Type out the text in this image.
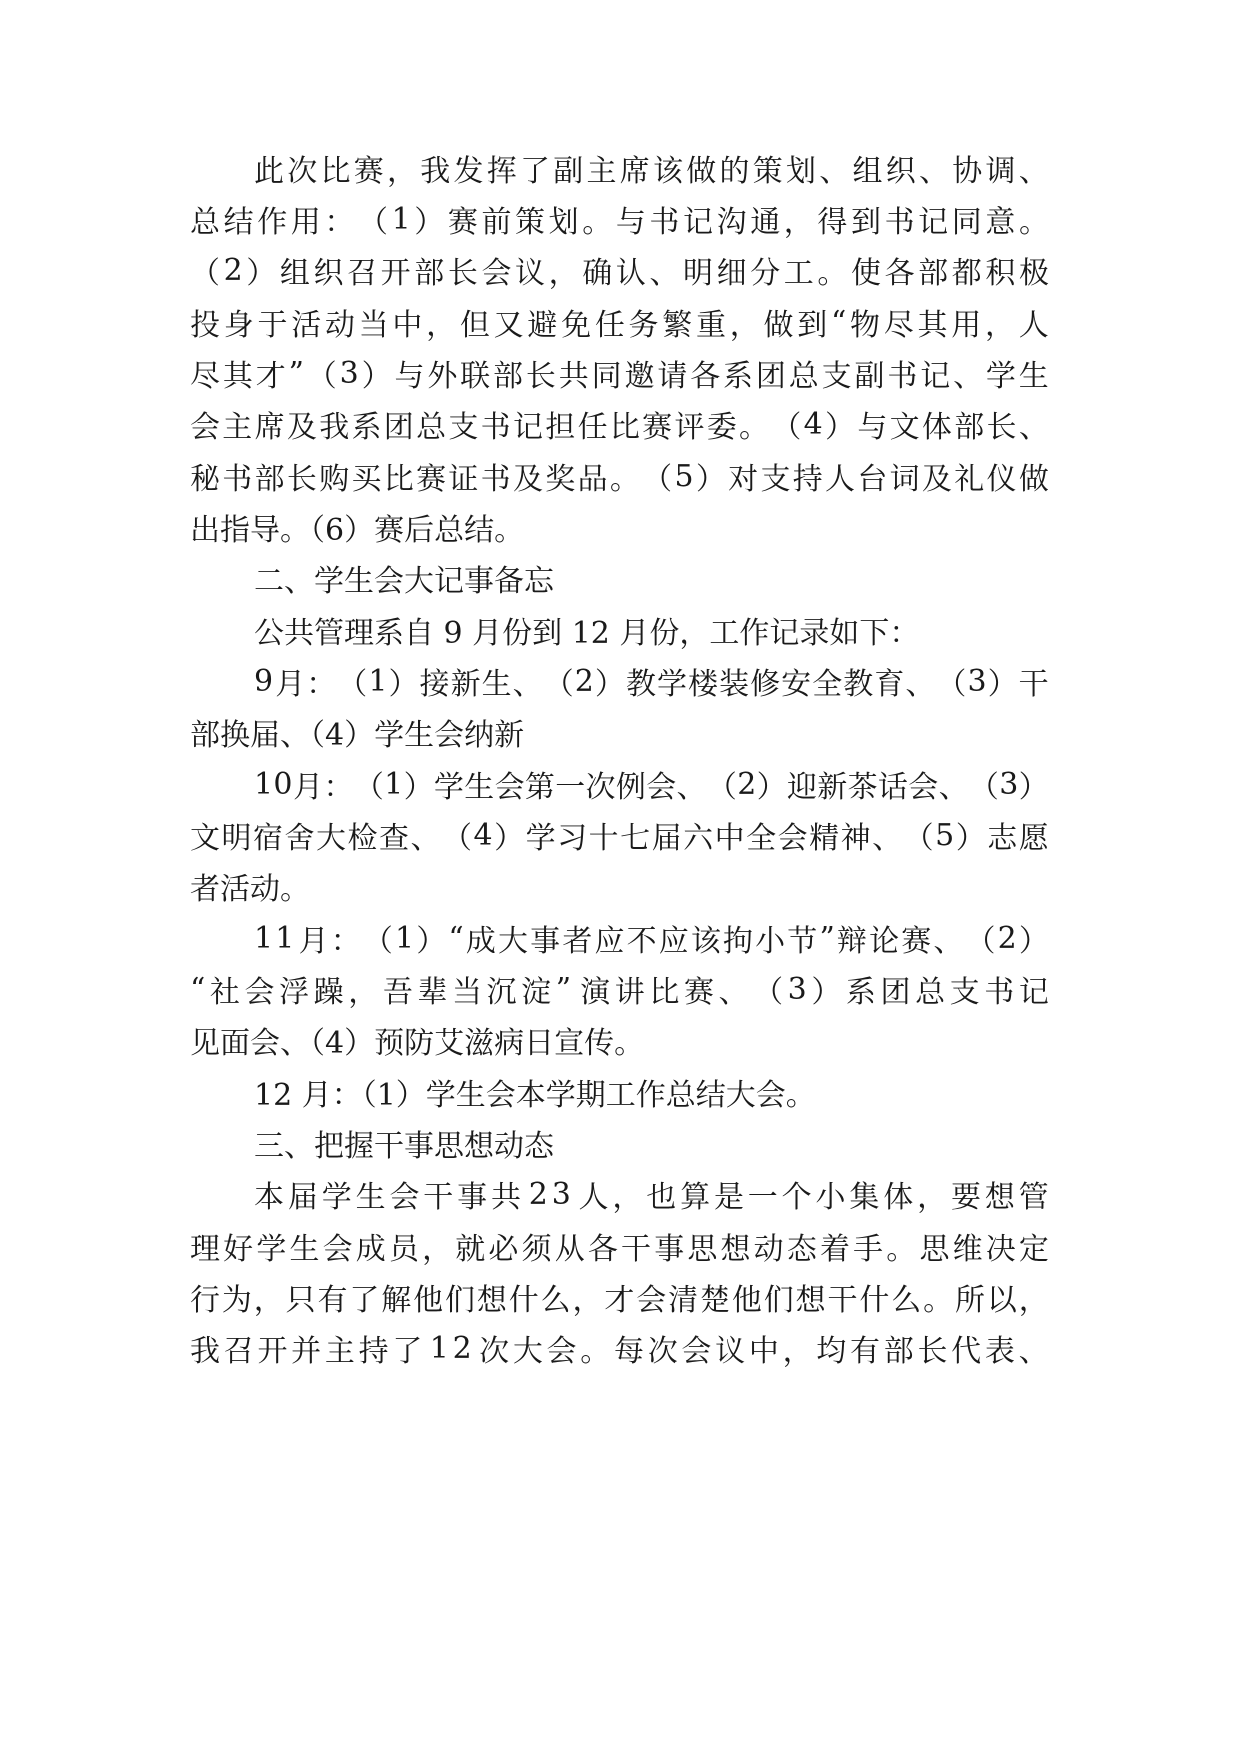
此 次 比 赛 ， 我 发 挥 了 副 主 席 该 做 的 策 划 、 组 织 、 协 调 、
总 结 作 用 ： （ 1 ） 赛 前 策 划 。 与 书 记 沟 通 ， 得 到 书 记 同 意 。
（ 2 ） 组 织 召 开 部 长 会 议 ， 确 认 、 明 细 分 工 。 使 各 部 都 积 极
投 身 于 活 动 当 中 ， 但 又 避 免 任 务 繁 重 ， 做 到 “ 物 尽 其 用 ， 人
尽 其 才 ” （ 3 ） 与 外 联 部 长 共 同 邀 请 各 系 团 总 支 副 书 记 、 学 生
会 主 席 及 我 系 团 总 支 书 记 担 任 比 赛 评 委 。 （ 4 ） 与 文 体 部 长 、
秘 书 部 长 购 买 比 赛 证 书 及 奖 品 。 （ 5 ） 对 支 持 人 台 词 及 礼 仪 做
出指导。（6）赛后总结。
二、学生会大记事备忘
公共管理系自 9 月份到 12 月份，工作记录如下：
9 月 ： （ 1 ） 接 新 生 、 （ 2 ） 教 学 楼 装 修 安 全 教 育 、 （ 3 ） 干
部换届、（4）学生会纳新
1 0 月 ： （ 1 ） 学 生 会 第 一 次 例 会 、 （ 2 ） 迎 新 茶 话 会 、 （ 3 ）
文 明 宿 舍 大 检 查 、 （ 4 ） 学 习 十 七 届 六 中 全 会 精 神 、 （ 5 ） 志 愿
者活动。
1 1 月 ： （ 1 ） “ 成 大 事 者 应 不 应 该 拘 小 节 ” 辩 论 赛 、 （ 2 ）
“ 社 会 浮 躁 ， 吾 辈 当 沉 淀 ” 演 讲 比 赛 、 （ 3 ） 系 团 总 支 书 记
见面会、（4）预防艾滋病日宣传。
12 月：（1）学生会本学期工作总结大会。
三、把握干事思想动态
本 届 学 生 会 干 事 共 2 3 人 ， 也 算 是 一 个 小 集 体 ， 要 想 管
理 好 学 生 会 成 员 ， 就 必 须 从 各 干 事 思 想 动 态 着 手 。 思 维 决 定
行 为 ， 只 有 了 解 他 们 想 什 么 ， 才 会 清 楚 他 们 想 干 什 么 。 所 以 ，
我 召 开 并 主 持 了 1 2 次 大 会 。 每 次 会 议 中 ， 均 有 部 长 代 表 、
